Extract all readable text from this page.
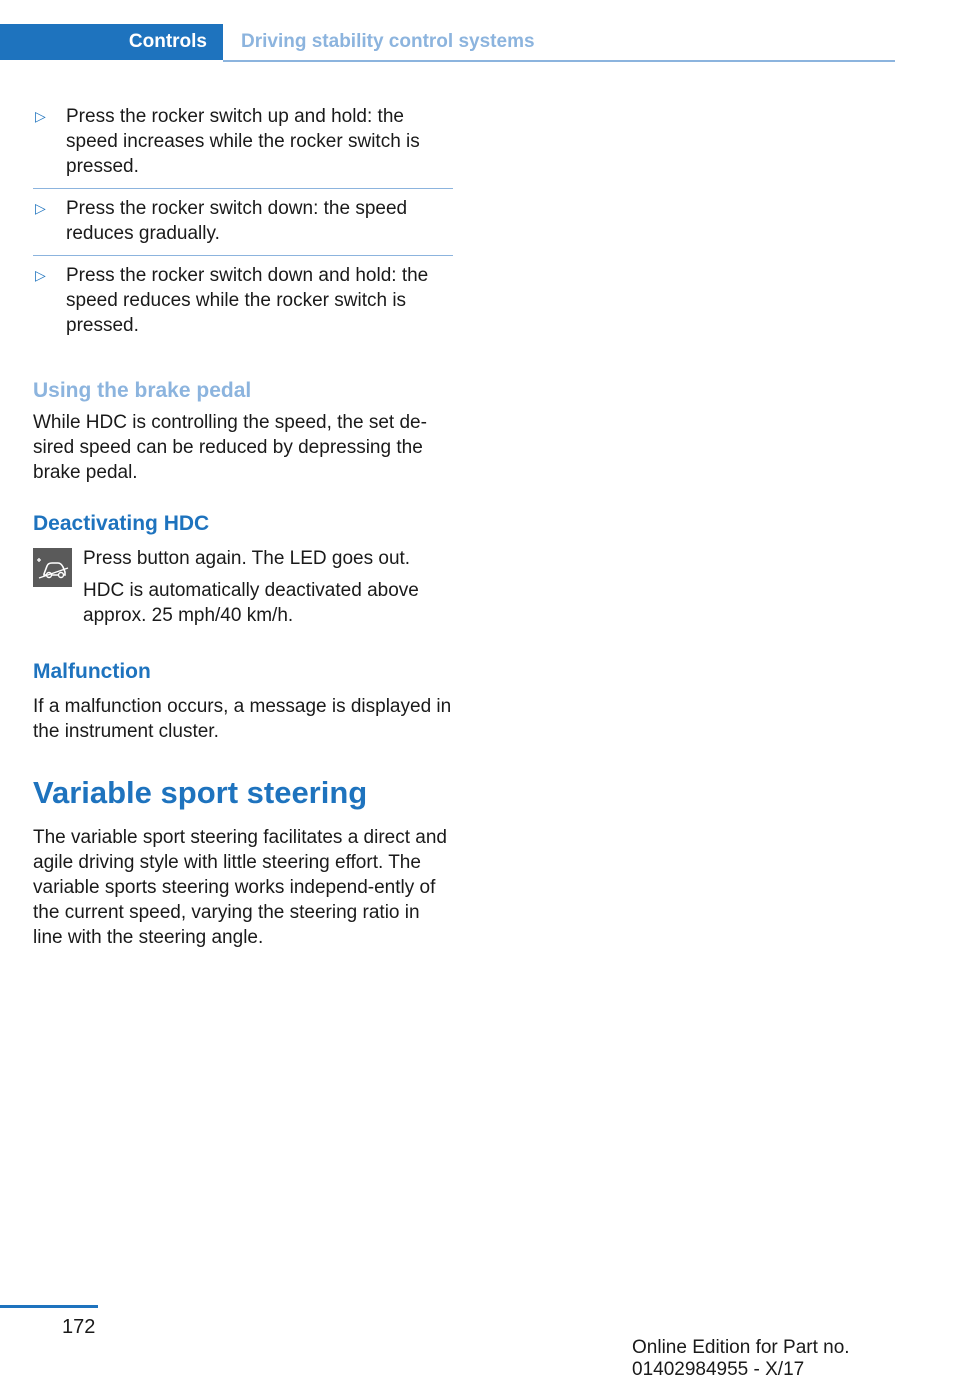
Controls	Driving stability control systems
▷ Press the rocker switch up and hold: the speed increases while the rocker switch is pressed.
▷ Press the rocker switch down: the speed reduces gradually.
▷ Press the rocker switch down and hold: the speed reduces while the rocker switch is pressed.
Using the brake pedal

While HDC is controlling the speed, the set de-sired speed can be reduced by depressing the brake pedal.

Deactivating HDC

Press button again. The LED goes out.

HDC is automatically deactivated above approx. 25 mph/40 km/h.

Malfunction

If a malfunction occurs, a message is displayed in the instrument cluster.

Variable sport steering

The variable sport steering facilitates a direct and agile driving style with little steering effort. The variable sports steering works independ-ently of the current speed, varying the steering ratio in line with the steering angle.

172
Online Edition for Part no. 01402984955 - X/17
